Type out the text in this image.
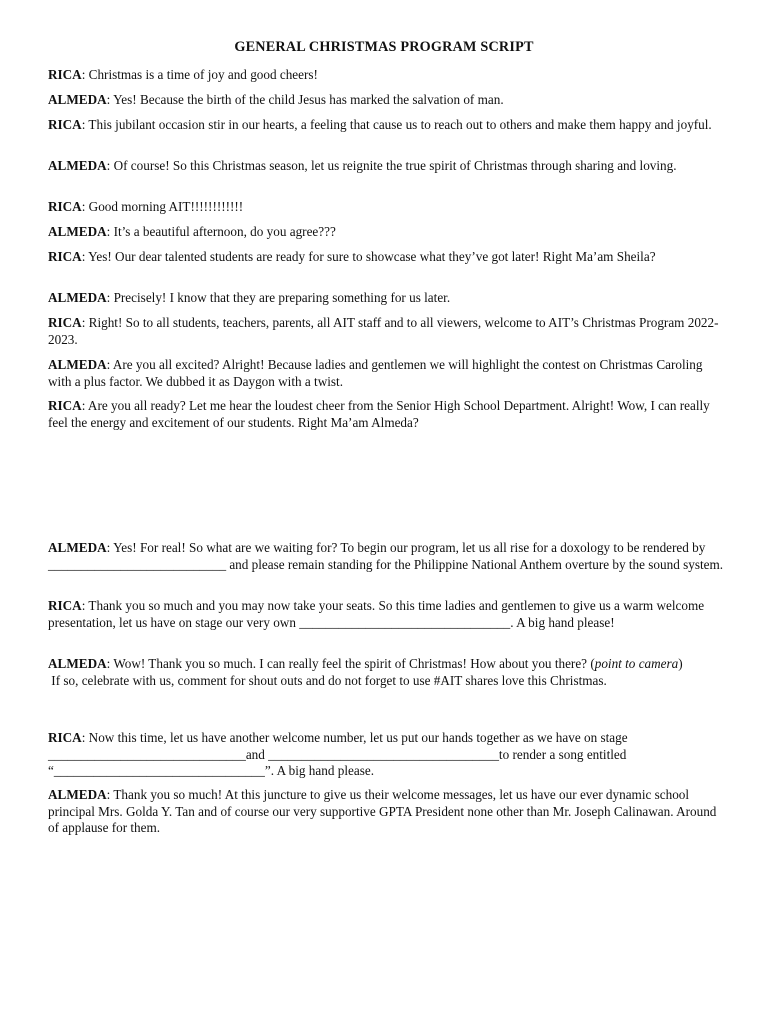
GENERAL CHRISTMAS PROGRAM SCRIPT

RICA: Christmas is a time of joy and good cheers!

ALMEDA: Yes! Because the birth of the child Jesus has marked the salvation of man.

RICA: This jubilant occasion stir in our hearts, a feeling that cause us to reach out to others and make them happy and joyful.

ALMEDA: Of course! So this Christmas season, let us reignite the true spirit of Christmas through sharing and loving.

RICA: Good morning AIT!!!!!!!!!!!!

ALMEDA: It’s a beautiful afternoon, do you agree???

RICA: Yes! Our dear talented students are ready for sure to showcase what they’ve got later! Right Ma’am Sheila?

ALMEDA: Precisely! I know that they are preparing something for us later.

RICA: Right! So to all students, teachers, parents, all AIT staff and to all viewers, welcome to AIT’s Christmas Program 2022-2023.

ALMEDA: Are you all excited? Alright! Because ladies and gentlemen we will highlight the contest on Christmas Caroling with a plus factor. We dubbed it as Daygon with a twist.

RICA: Are you all ready? Let me hear the loudest cheer from the Senior High School Department. Alright! Wow, I can really feel the energy and excitement of our students. Right Ma’am Almeda?

ALMEDA: Yes! For real! So what are we waiting for? To begin our program, let us all rise for a doxology to be rendered by ___________________________ and please remain standing for the Philippine National Anthem overture by the sound system.

RICA: Thank you so much and you may now take your seats. So this time ladies and gentlemen to give us a warm welcome presentation, let us have on stage our very own ________________________________. A big hand please!

ALMEDA: Wow! Thank you so much. I can really feel the spirit of Christmas! How about you there? (point to camera)
If so, celebrate with us, comment for shout outs and do not forget to use #AIT shares love this Christmas.

RICA: Now this time, let us have another welcome number, let us put our hands together as we have on stage ______________________________and ___________________________________to render a song entitled “________________________________”. A big hand please.

ALMEDA: Thank you so much! At this juncture to give us their welcome messages, let us have our ever dynamic school principal Mrs. Golda Y. Tan and of course our very supportive GPTA President none other than Mr. Joseph Calinawan. Around of applause for them.
